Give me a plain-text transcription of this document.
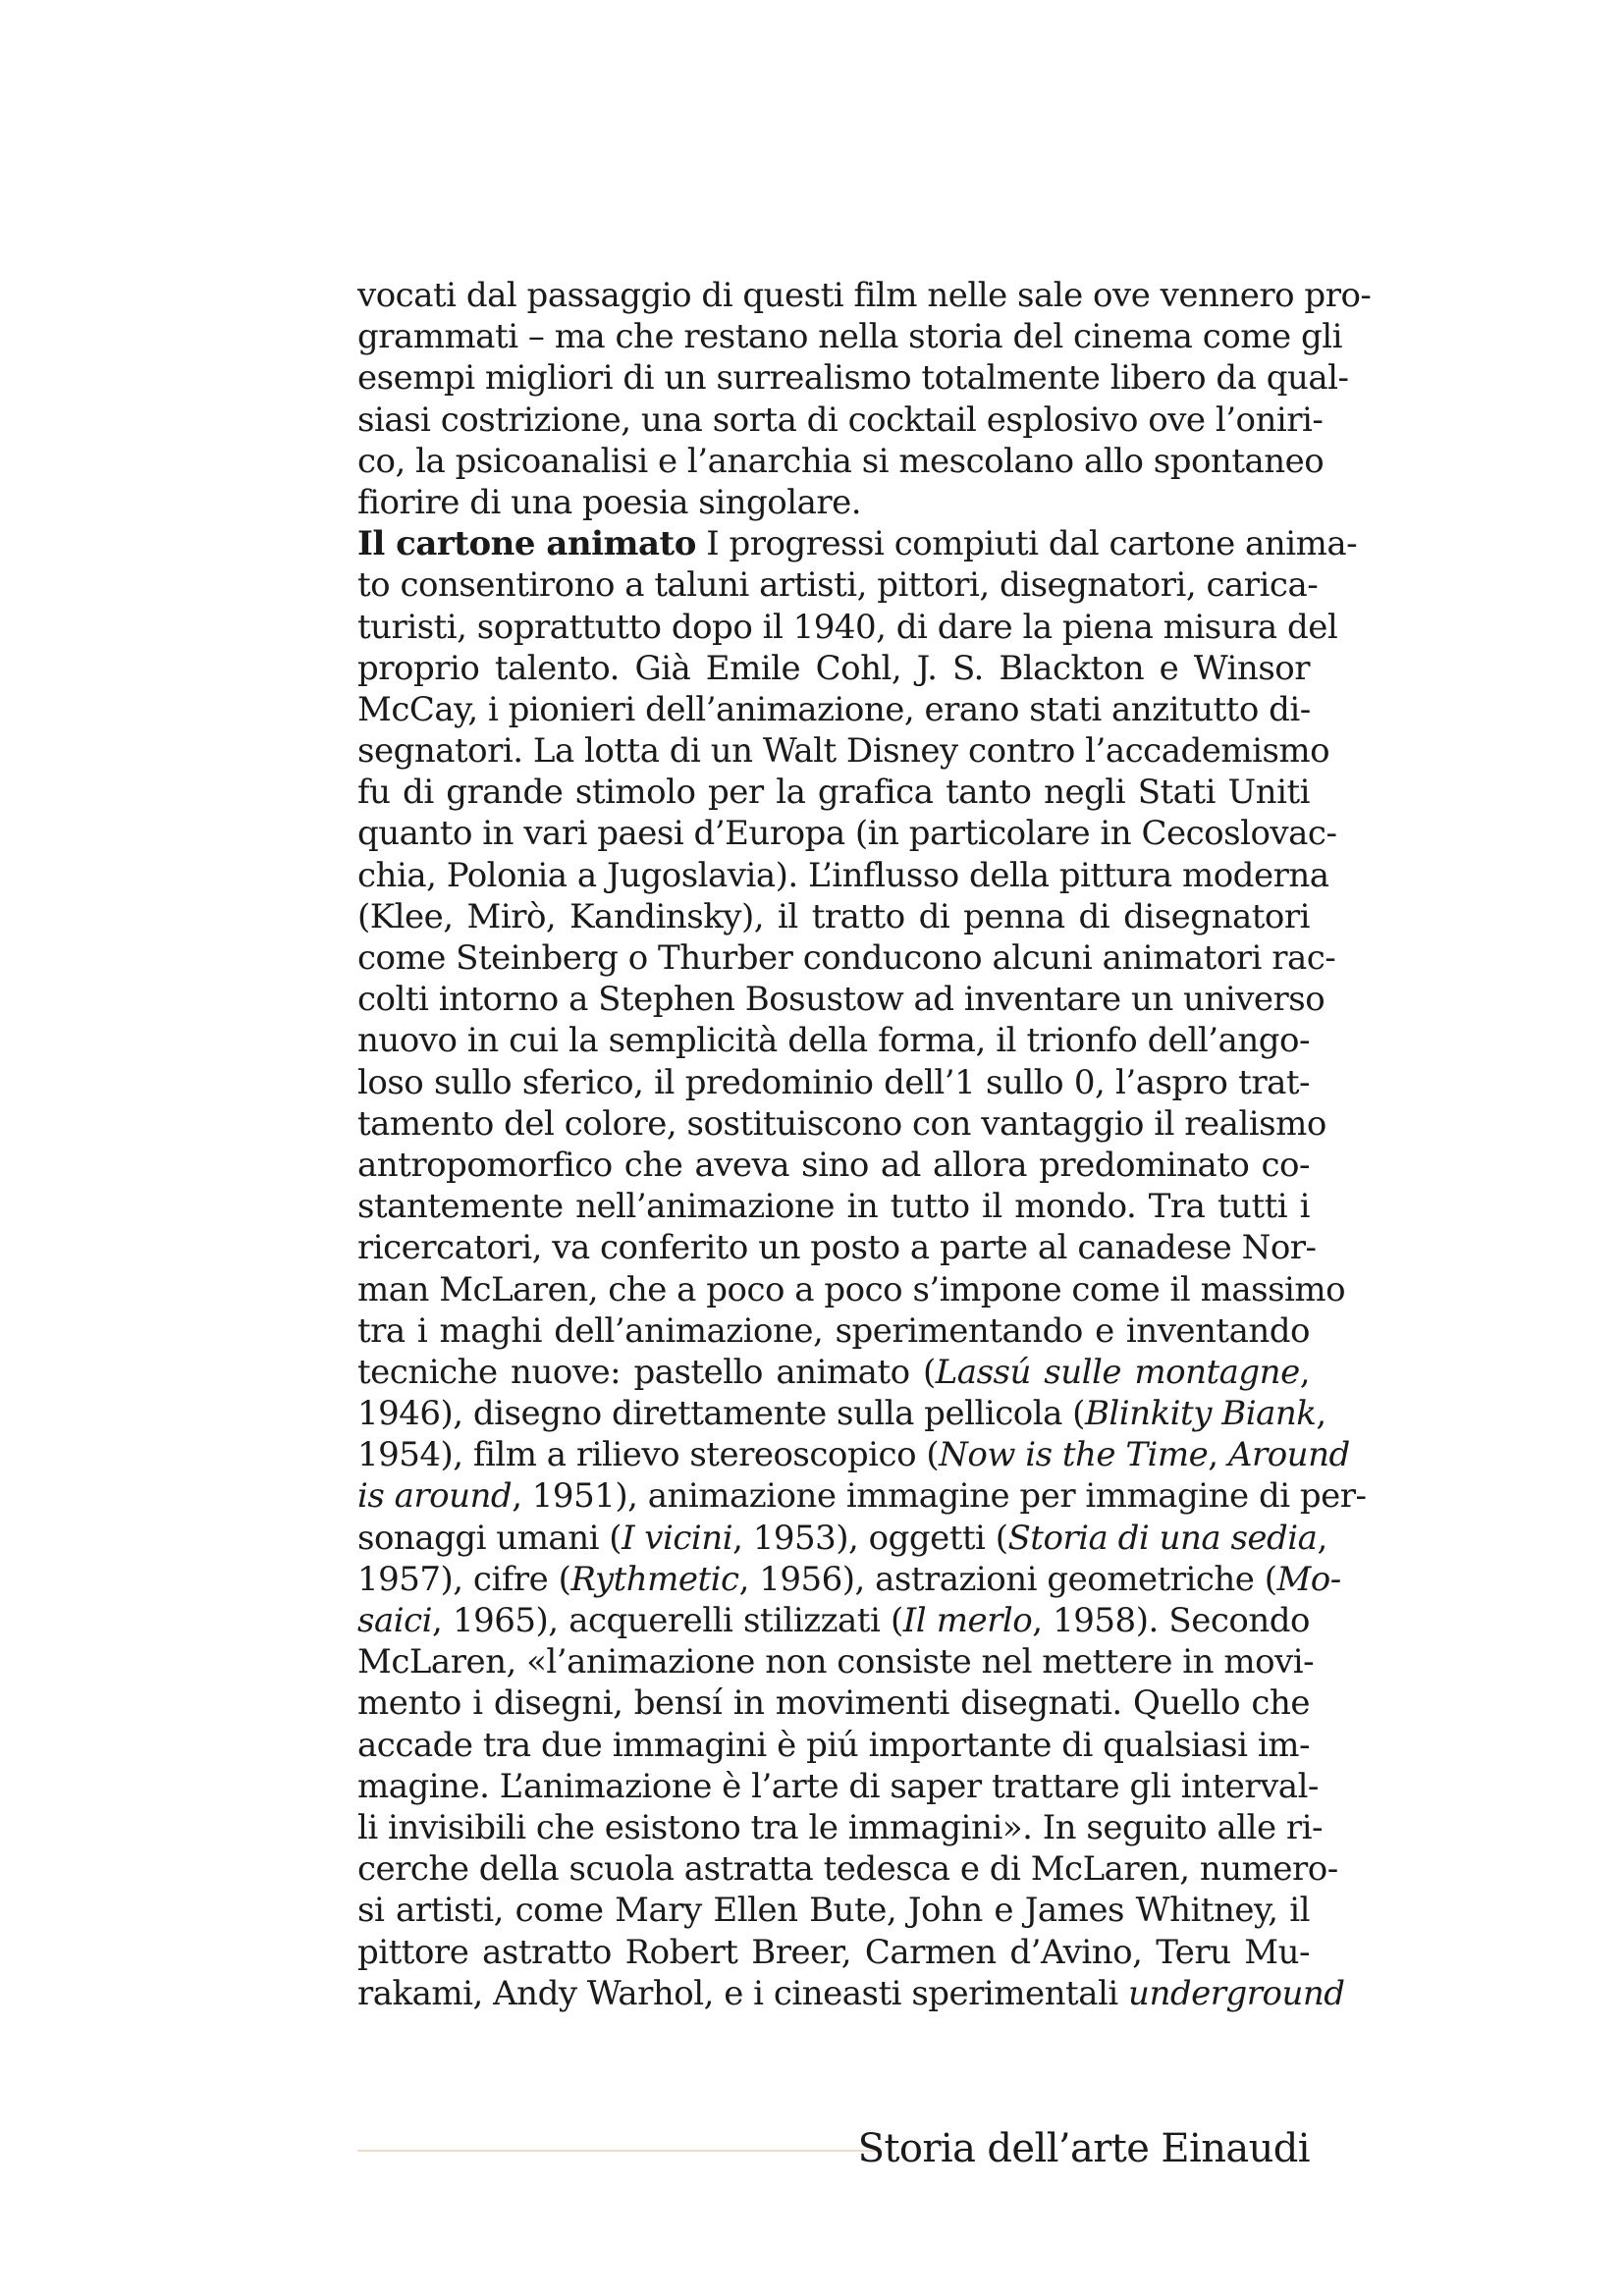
vocati dal passaggio di questi film nelle sale ove vennero pro-
grammati – ma che restano nella storia del cinema come gli
esempi migliori di un surrealismo totalmente libero da qual-
siasi costrizione, una sorta di cocktail esplosivo ove l’oniri-
co, la psicoanalisi e l’anarchia si mescolano allo spontaneo
fiorire di una poesia singolare.
Il cartone animato I progressi compiuti dal cartone anima-
to consentirono a taluni artisti, pittori, disegnatori, carica-
turisti, soprattutto dopo il 1940, di dare la piena misura del
proprio talento. Già Emile Cohl, J. S. Blackton e Winsor
McCay, i pionieri dell’animazione, erano stati anzitutto di-
segnatori. La lotta di un Walt Disney contro l’accademismo
fu di grande stimolo per la grafica tanto negli Stati Uniti
quanto in vari paesi d’Europa (in particolare in Cecoslovac-
chia, Polonia a Jugoslavia). L’influsso della pittura moderna
(Klee, Mirò, Kandinsky), il tratto di penna di disegnatori
come Steinberg o Thurber conducono alcuni animatori rac-
colti intorno a Stephen Bosustow ad inventare un universo
nuovo in cui la semplicità della forma, il trionfo dell’ango-
loso sullo sferico, il predominio dell’1 sullo 0, l’aspro trat-
tamento del colore, sostituiscono con vantaggio il realismo
antropomorfico che aveva sino ad allora predominato co-
stantemente nell’animazione in tutto il mondo. Tra tutti i
ricercatori, va conferito un posto a parte al canadese Nor-
man McLaren, che a poco a poco s’impone come il massimo
tra i maghi dell’animazione, sperimentando e inventando
tecniche nuove: pastello animato (Lassú sulle montagne,
1946), disegno direttamente sulla pellicola (Blinkity Biank,
1954), film a rilievo stereoscopico (Now is the Time, Around
is around, 1951), animazione immagine per immagine di per-
sonaggi umani (I vicini, 1953), oggetti (Storia di una sedia,
1957), cifre (Rythmetic, 1956), astrazioni geometriche (Mo-
saici, 1965), acquerelli stilizzati (Il merlo, 1958). Secondo
McLaren, «l’animazione non consiste nel mettere in movi-
mento i disegni, bensí in movimenti disegnati. Quello che
accade tra due immagini è piú importante di qualsiasi im-
magine. L’animazione è l’arte di saper trattare gli interval-
li invisibili che esistono tra le immagini». In seguito alle ri-
cerche della scuola astratta tedesca e di McLaren, numero-
si artisti, come Mary Ellen Bute, John e James Whitney, il
pittore astratto Robert Breer, Carmen d’Avino, Teru Mu-
rakami, Andy Warhol, e i cineasti sperimentali underground
Storia dell’arte Einaudi
